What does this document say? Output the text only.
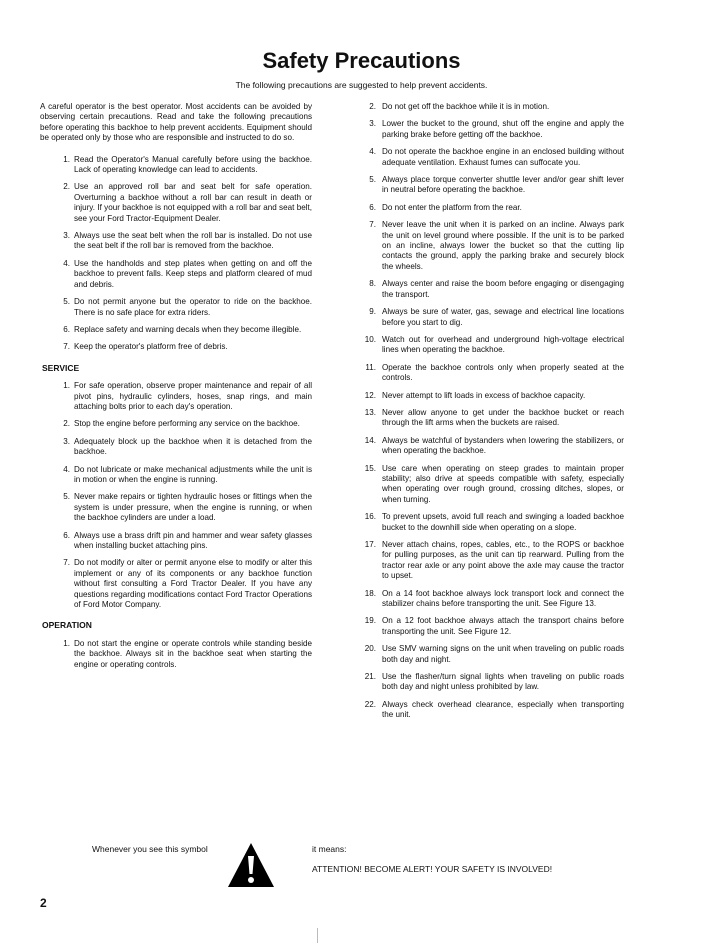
Safety Precautions

The following precautions are suggested to help prevent accidents.

A careful operator is the best operator. Most accidents can be avoided by observing certain precautions. Read and take the following precautions before operating this backhoe to help prevent accidents. Equipment should be operated only by those who are responsible and instructed to do so.

1. Read the Operator's Manual carefully before using the backhoe. Lack of operating knowledge can lead to accidents.
2. Use an approved roll bar and seat belt for safe operation. Overturning a backhoe without a roll bar can result in death or injury. If your backhoe is not equipped with a roll bar and seat belt, see your Ford Tractor-Equipment Dealer.
3. Always use the seat belt when the roll bar is installed. Do not use the seat belt if the roll bar is removed from the backhoe.
4. Use the handholds and step plates when getting on and off the backhoe to prevent falls. Keep steps and platform cleared of mud and debris.
5. Do not permit anyone but the operator to ride on the backhoe. There is no safe place for extra riders.
6. Replace safety and warning decals when they become illegible.
7. Keep the operator's platform free of debris.
SERVICE
1. For safe operation, observe proper maintenance and repair of all pivot pins, hydraulic cylinders, hoses, snap rings, and main attaching bolts prior to each day's operation.
2. Stop the engine before performing any service on the backhoe.
3. Adequately block up the backhoe when it is detached from the backhoe.
4. Do not lubricate or make mechanical adjustments while the unit is in motion or when the engine is running.
5. Never make repairs or tighten hydraulic hoses or fittings when the system is under pressure, when the engine is running, or when the backhoe cylinders are under a load.
6. Always use a brass drift pin and hammer and wear safety glasses when installing bucket attaching pins.
7. Do not modify or alter or permit anyone else to modify or alter this implement or any of its components or any backhoe function without first consulting a Ford Tractor Dealer. If you have any questions regarding modifications contact Ford Tractor Operations of Ford Motor Company.
OPERATION
1. Do not start the engine or operate controls while standing beside the backhoe. Always sit in the backhoe seat when starting the engine or operating controls.
2. Do not get off the backhoe while it is in motion.
3. Lower the bucket to the ground, shut off the engine and apply the parking brake before getting off the backhoe.
4. Do not operate the backhoe engine in an enclosed building without adequate ventilation. Exhaust fumes can suffocate you.
5. Always place torque converter shuttle lever and/or gear shift lever in neutral before operating the backhoe.
6. Do not enter the platform from the rear.
7. Never leave the unit when it is parked on an incline. Always park the unit on level ground where possible. If the unit is to be parked on an incline, always lower the bucket so that the cutting lip contacts the ground, apply the parking brake and securely block the wheels.
8. Always center and raise the boom before engaging or disengaging the transport.
9. Always be sure of water, gas, sewage and electrical line locations before you start to dig.
10. Watch out for overhead and underground high-voltage electrical lines when operating the backhoe.
11. Operate the backhoe controls only when properly seated at the controls.
12. Never attempt to lift loads in excess of backhoe capacity.
13. Never allow anyone to get under the backhoe bucket or reach through the lift arms when the buckets are raised.
14. Always be watchful of bystanders when lowering the stabilizers, or when operating the backhoe.
15. Use care when operating on steep grades to maintain proper stability; also drive at speeds compatible with safety, especially when operating over rough ground, crossing ditches, slopes, or when turning.
16. To prevent upsets, avoid full reach and swinging a loaded backhoe bucket to the downhill side when operating on a slope.
17. Never attach chains, ropes, cables, etc., to the ROPS or backhoe for pulling purposes, as the unit can tip rearward. Pulling from the tractor rear axle or any point above the axle may cause the tractor to upset.
18. On a 14 foot backhoe always lock transport lock and connect the stabilizer chains before transporting the unit. See Figure 13.
19. On a 12 foot backhoe always attach the transport chains before transporting the unit. See Figure 12.
20. Use SMV warning signs on the unit when traveling on public roads both day and night.
21. Use the flasher/turn signal lights when traveling on public roads both day and night unless prohibited by law.
22. Always check overhead clearance, especially when transporting the unit.
Whenever you see this symbol	it means:
ATTENTION! BECOME ALERT! YOUR SAFETY IS INVOLVED!
2
